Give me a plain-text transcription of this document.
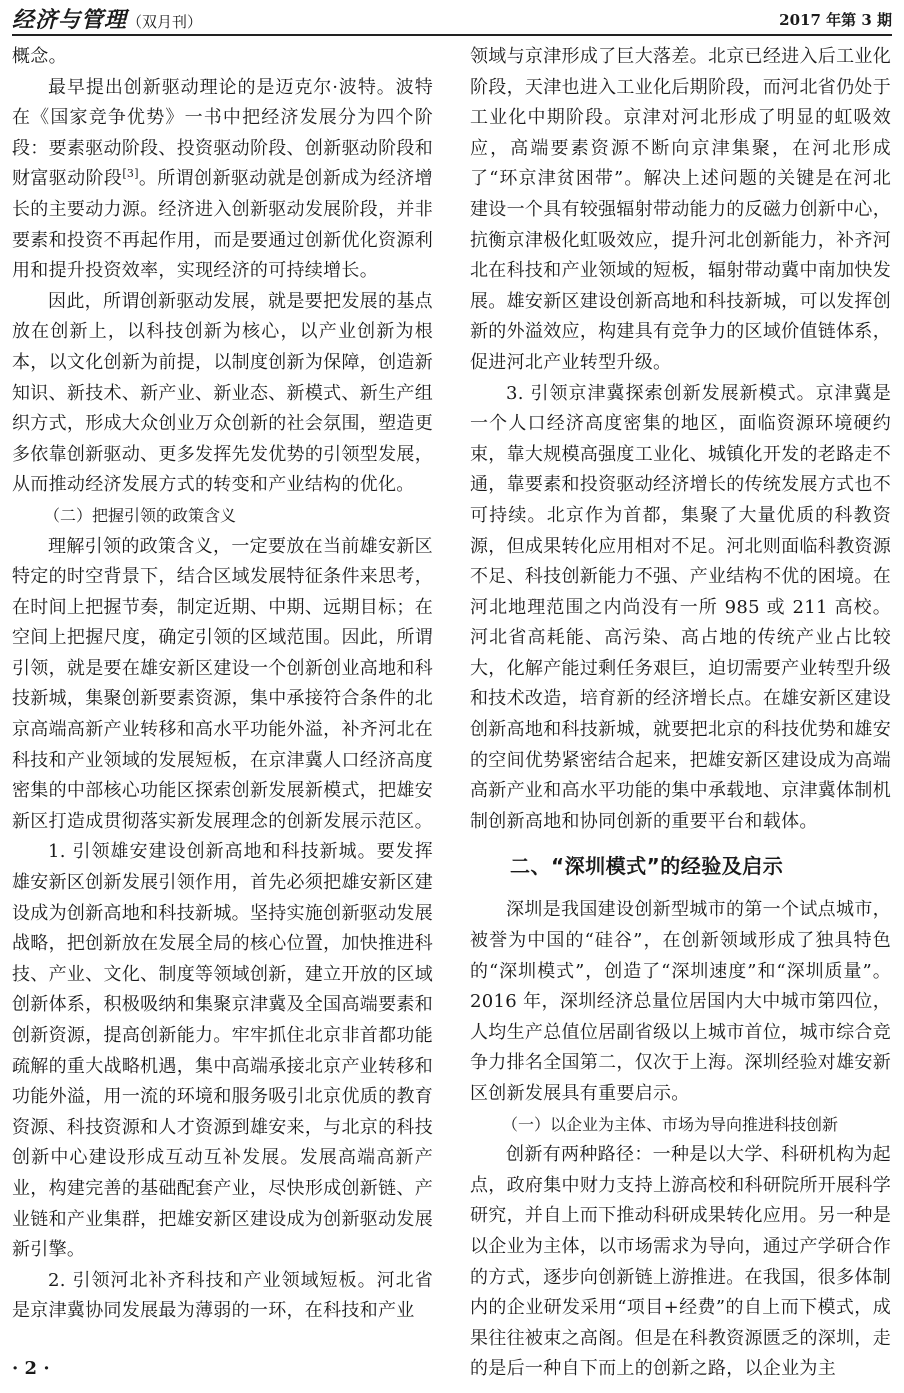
经济与管理（双月刊）	2017 年第 3 期

概念。

最早提出创新驱动理论的是迈克尔·波特。波特在《国家竞争优势》一书中把经济发展分为四个阶段：要素驱动阶段、投资驱动阶段、创新驱动阶段和财富驱动阶段[3]。所谓创新驱动就是创新成为经济增长的主要动力源。经济进入创新驱动发展阶段，并非要素和投资不再起作用，而是要通过创新优化资源利用和提升投资效率，实现经济的可持续增长。

因此，所谓创新驱动发展，就是要把发展的基点放在创新上，以科技创新为核心，以产业创新为根本，以文化创新为前提，以制度创新为保障，创造新知识、新技术、新产业、新业态、新模式、新生产组织方式，形成大众创业万众创新的社会氛围，塑造更多依靠创新驱动、更多发挥先发优势的引领型发展，从而推动经济发展方式的转变和产业结构的优化。

（二）把握引领的政策含义

理解引领的政策含义，一定要放在当前雄安新区特定的时空背景下，结合区域发展特征条件来思考，在时间上把握节奏，制定近期、中期、远期目标；在空间上把握尺度，确定引领的区域范围。因此，所谓引领，就是要在雄安新区建设一个创新创业高地和科技新城，集聚创新要素资源，集中承接符合条件的北京高端高新产业转移和高水平功能外溢，补齐河北在科技和产业领域的发展短板，在京津冀人口经济高度密集的中部核心功能区探索创新发展新模式，把雄安新区打造成贯彻落实新发展理念的创新发展示范区。

1. 引领雄安建设创新高地和科技新城。要发挥雄安新区创新发展引领作用，首先必须把雄安新区建设成为创新高地和科技新城。坚持实施创新驱动发展战略，把创新放在发展全局的核心位置，加快推进科技、产业、文化、制度等领域创新，建立开放的区域创新体系，积极吸纳和集聚京津冀及全国高端要素和创新资源，提高创新能力。牢牢抓住北京非首都功能疏解的重大战略机遇，集中高端承接北京产业转移和功能外溢，用一流的环境和服务吸引北京优质的教育资源、科技资源和人才资源到雄安来，与北京的科技创新中心建设形成互动互补发展。发展高端高新产业，构建完善的基础配套产业，尽快形成创新链、产业链和产业集群，把雄安新区建设成为创新驱动发展新引擎。

2. 引领河北补齐科技和产业领域短板。河北省是京津冀协同发展最为薄弱的一环，在科技和产业

领域与京津形成了巨大落差。北京已经进入后工业化阶段，天津也进入工业化后期阶段，而河北省仍处于工业化中期阶段。京津对河北形成了明显的虹吸效应，高端要素资源不断向京津集聚，在河北形成了“环京津贫困带”。解决上述问题的关键是在河北建设一个具有较强辐射带动能力的反磁力创新中心，抗衡京津极化虹吸效应，提升河北创新能力，补齐河北在科技和产业领域的短板，辐射带动冀中南加快发展。雄安新区建设创新高地和科技新城，可以发挥创新的外溢效应，构建具有竞争力的区域价值链体系，促进河北产业转型升级。

3. 引领京津冀探索创新发展新模式。京津冀是一个人口经济高度密集的地区，面临资源环境硬约束，靠大规模高强度工业化、城镇化开发的老路走不通，靠要素和投资驱动经济增长的传统发展方式也不可持续。北京作为首都，集聚了大量优质的科教资源，但成果转化应用相对不足。河北则面临科教资源不足、科技创新能力不强、产业结构不优的困境。在河北地理范围之内尚没有一所 985 或 211 高校。河北省高耗能、高污染、高占地的传统产业占比较大，化解产能过剩任务艰巨，迫切需要产业转型升级和技术改造，培育新的经济增长点。在雄安新区建设创新高地和科技新城，就要把北京的科技优势和雄安的空间优势紧密结合起来，把雄安新区建设成为高端高新产业和高水平功能的集中承载地、京津冀体制机制创新高地和协同创新的重要平台和载体。

二、“深圳模式”的经验及启示

深圳是我国建设创新型城市的第一个试点城市，被誉为中国的“硅谷”，在创新领域形成了独具特色的“深圳模式”，创造了“深圳速度”和“深圳质量”。2016 年，深圳经济总量位居国内大中城市第四位，人均生产总值位居副省级以上城市首位，城市综合竞争力排名全国第二，仅次于上海。深圳经验对雄安新区创新发展具有重要启示。

（一）以企业为主体、市场为导向推进科技创新

创新有两种路径：一种是以大学、科研机构为起点，政府集中财力支持上游高校和科研院所开展科学研究，并自上而下推动科研成果转化应用。另一种是以企业为主体，以市场需求为导向，通过产学研合作的方式，逐步向创新链上游推进。在我国，很多体制内的企业研发采用“项目+经费”的自上而下模式，成果往往被束之高阁。但是在科教资源匮乏的深圳，走的是后一种自下而上的创新之路，以企业为主

· 2 ·
